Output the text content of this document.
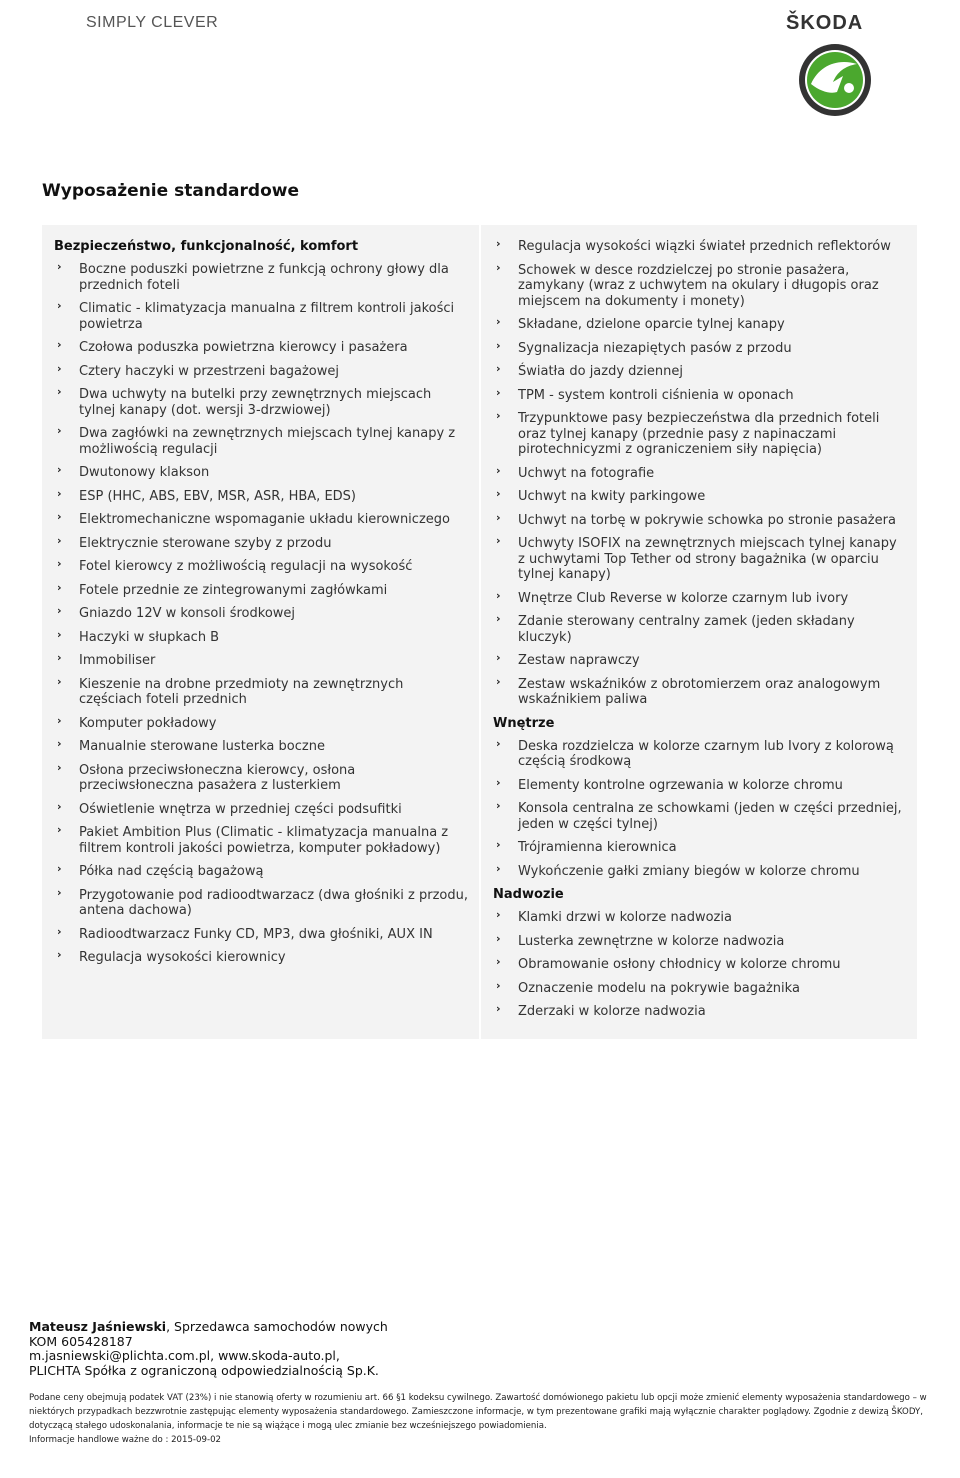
SIMPLY CLEVER	ŠKODA
Wyposażenie standardowe
Bezpieczeństwo, funkcjonalność, komfort
› Boczne poduszki powietrzne z funkcją ochrony głowy dla przednich foteli
› Climatic - klimatyzacja manualna z filtrem kontroli jakości powietrza
› Czołowa poduszka powietrzna kierowcy i pasażera
› Cztery haczyki w przestrzeni bagażowej
› Dwa uchwyty na butelki przy zewnętrznych miejscach tylnej kanapy (dot. wersji 3-drzwiowej)
› Dwa zagłówki na zewnętrznych miejscach tylnej kanapy z możliwością regulacji
› Dwutonowy klakson
› ESP (HHC, ABS, EBV, MSR, ASR, HBA, EDS)
› Elektromechaniczne wspomaganie układu kierowniczego
› Elektrycznie sterowane szyby z przodu
› Fotel kierowcy z możliwością regulacji na wysokość
› Fotele przednie ze zintegrowanymi zagłówkami
› Gniazdo 12V w konsoli środkowej
› Haczyki w słupkach B
› Immobiliser
› Kieszenie na drobne przedmioty na zewnętrznych częściach foteli przednich
› Komputer pokładowy
› Manualnie sterowane lusterka boczne
› Osłona przeciwsłoneczna kierowcy, osłona przeciwsłoneczna pasażera z lusterkiem
› Oświetlenie wnętrza w przedniej części podsufitki
› Pakiet Ambition Plus (Climatic - klimatyzacja manualna z filtrem kontroli jakości powietrza, komputer pokładowy)
› Półka nad częścią bagażową
› Przygotowanie pod radioodtwarzacz (dwa głośniki z przodu, antena dachowa)
› Radioodtwarzacz Funky CD, MP3, dwa głośniki, AUX IN
› Regulacja wysokości kierownicy
› Regulacja wysokości wiązki świateł przednich reflektorów
› Schowek w desce rozdzielczej po stronie pasażera, zamykany (wraz z uchwytem na okulary i długopis oraz miejscem na dokumenty i monety)
› Składane, dzielone oparcie tylnej kanapy
› Sygnalizacja niezapiętych pasów z przodu
› Światła do jazdy dziennej
› TPM - system kontroli ciśnienia w oponach
› Trzypunktowe pasy bezpieczeństwa dla przednich foteli oraz tylnej kanapy (przednie pasy z napinaczami pirotechnicyzmi z ograniczeniem siły napięcia)
› Uchwyt na fotografie
› Uchwyt na kwity parkingowe
› Uchwyt na torbę w pokrywie schowka po stronie pasażera
› Uchwyty ISOFIX na zewnętrznych miejscach tylnej kanapy z uchwytami Top Tether od strony bagażnika (w oparciu tylnej kanapy)
› Wnętrze Club Reverse w kolorze czarnym lub ivory
› Zdanie sterowany centralny zamek (jeden składany kluczyk)
› Zestaw naprawczy
› Zestaw wskaźników z obrotomierzem oraz analogowym wskaźnikiem paliwa
Wnętrze
› Deska rozdzielcza w kolorze czarnym lub Ivory z kolorową częścią środkową
› Elementy kontrolne ogrzewania w kolorze chromu
› Konsola centralna ze schowkami (jeden w części przedniej, jeden w części tylnej)
› Trójramienna kierownica
› Wykończenie gałki zmiany biegów w kolorze chromu
Nadwozie
› Klamki drzwi w kolorze nadwozia
› Lusterka zewnętrzne w kolorze nadwozia
› Obramowanie osłony chłodnicy w kolorze chromu
› Oznaczenie modelu na pokrywie bagażnika
› Zderzaki w kolorze nadwozia
Mateusz Jaśniewski, Sprzedawca samochodów nowych
KOM 605428187
m.jasniewski@plichta.com.pl, www.skoda-auto.pl,
PLICHTA Spółka z ograniczoną odpowiedzialnością Sp.K.
Podane ceny obejmują podatek VAT (23%) i nie stanowią oferty w rozumieniu art. 66 §1 kodeksu cywilnego. Zawartość domówionego pakietu lub opcji może zmienić elementy wyposażenia standardowego – w
niektórych przypadkach bezzwrotnie zastępując elementy wyposażenia standardowego. Zamieszczone informacje, w tym prezentowane grafiki mają wyłącznie charakter poglądowy. Zgodnie z dewizą ŠKODY,
dotyczącą stałego udoskonalania, informacje te nie są wiążące i mogą ulec zmianie bez wcześniejszego powiadomienia.
Informacje handlowe ważne do : 2015-09-02
